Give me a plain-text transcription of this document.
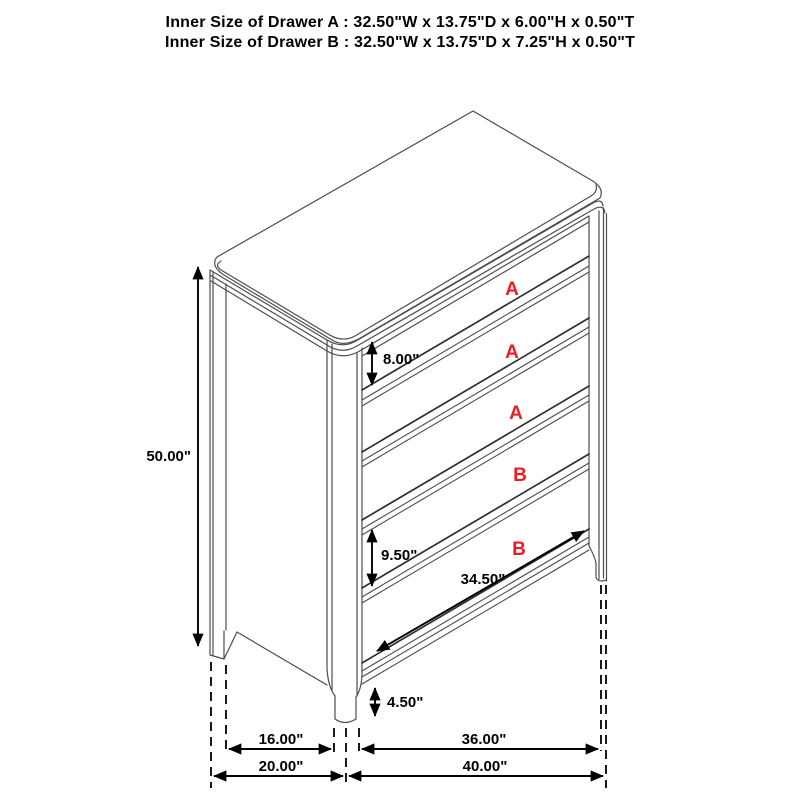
Inner Size of Drawer A : 32.50"W x 13.75"D x 6.00"H x 0.50"T
Inner Size of Drawer B : 32.50"W x 13.75"D x 7.25"H x 0.50"T
50.00"
8.00"
9.50"
4.50"
34.50"
16.00"	36.00"
20.00"	40.00"
A
A
A
B
B
